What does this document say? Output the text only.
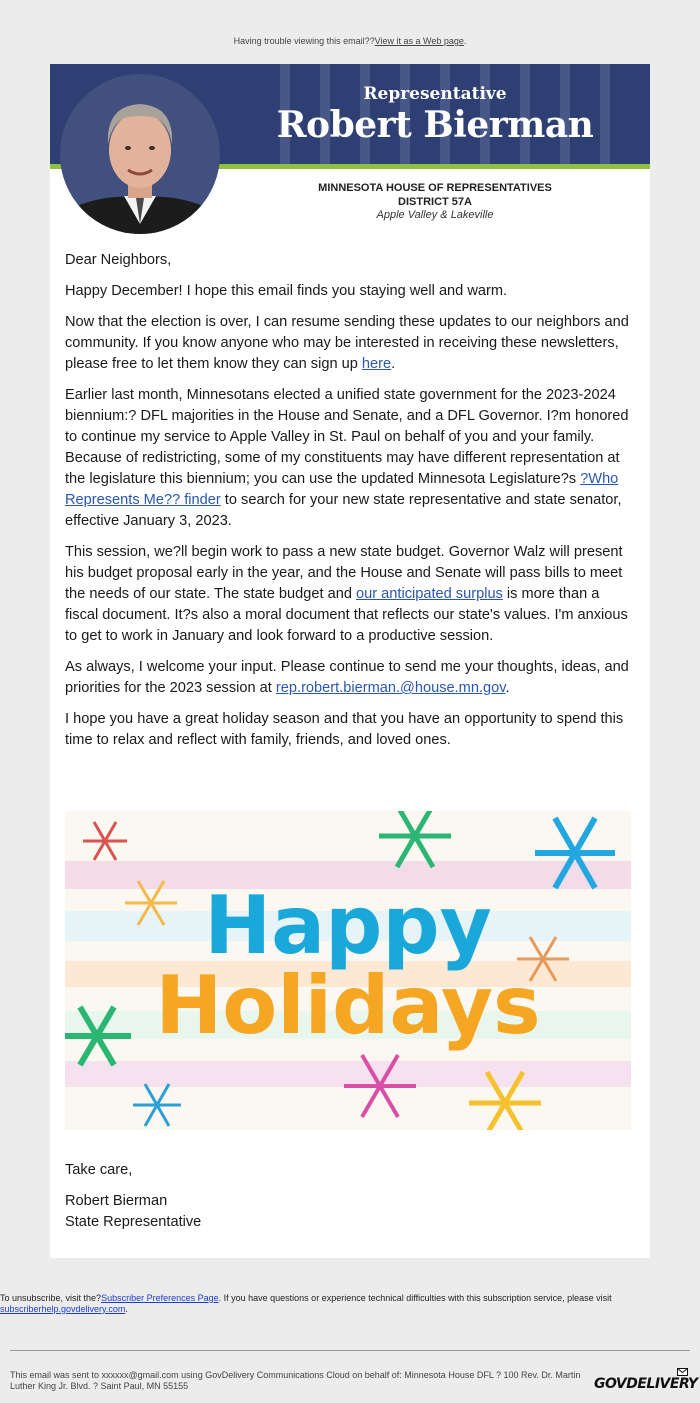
Having trouble viewing this email??View it as a Web page.
Representative
Robert Bierman
MINNESOTA HOUSE OF REPRESENTATIVES
DISTRICT 57A
Apple Valley & Lakeville

Dear Neighbors,

Happy December! I hope this email finds you staying well and warm.

Now that the election is over, I can resume sending these updates to our neighbors and community. If you know anyone who may be interested in receiving these newsletters, please free to let them know they can sign up here.

Earlier last month, Minnesotans elected a unified state government for the 2023-2024 biennium:? DFL majorities in the House and Senate, and a DFL Governor. I?m honored to continue my service to Apple Valley in St. Paul on behalf of you and your family. Because of redistricting, some of my constituents may have different representation at the legislature this biennium; you can use the updated Minnesota Legislature?s ?Who Represents Me?? finder to search for your new state representative and state senator, effective January 3, 2023.

This session, we?ll begin work to pass a new state budget. Governor Walz will present his budget proposal early in the year, and the House and Senate will pass bills to meet the needs of our state. The state budget and our anticipated surplus is more than a fiscal document. It?s also a moral document that reflects our state's values. I'm anxious to get to work in January and look forward to a productive session.

As always, I welcome your input. Please continue to send me your thoughts, ideas, and priorities for the 2023 session at rep.robert.bierman.@house.mn.gov.

I hope you have a great holiday season and that you have an opportunity to spend this time to relax and reflect with family, friends, and loved ones.

Happy
Holidays

Take care,

Robert Bierman
State Representative

To unsubscribe, visit the?Subscriber Preferences Page. If you have questions or experience technical difficulties with this subscription service, please visit subscriberhelp.govdelivery.com.
This email was sent to xxxxxx@gmail.com using GovDelivery Communications Cloud on behalf of: Minnesota House DFL ? 100 Rev. Dr. Martin Luther King Jr. Blvd. ? Saint Paul, MN 55155	GOVDELIVERY
